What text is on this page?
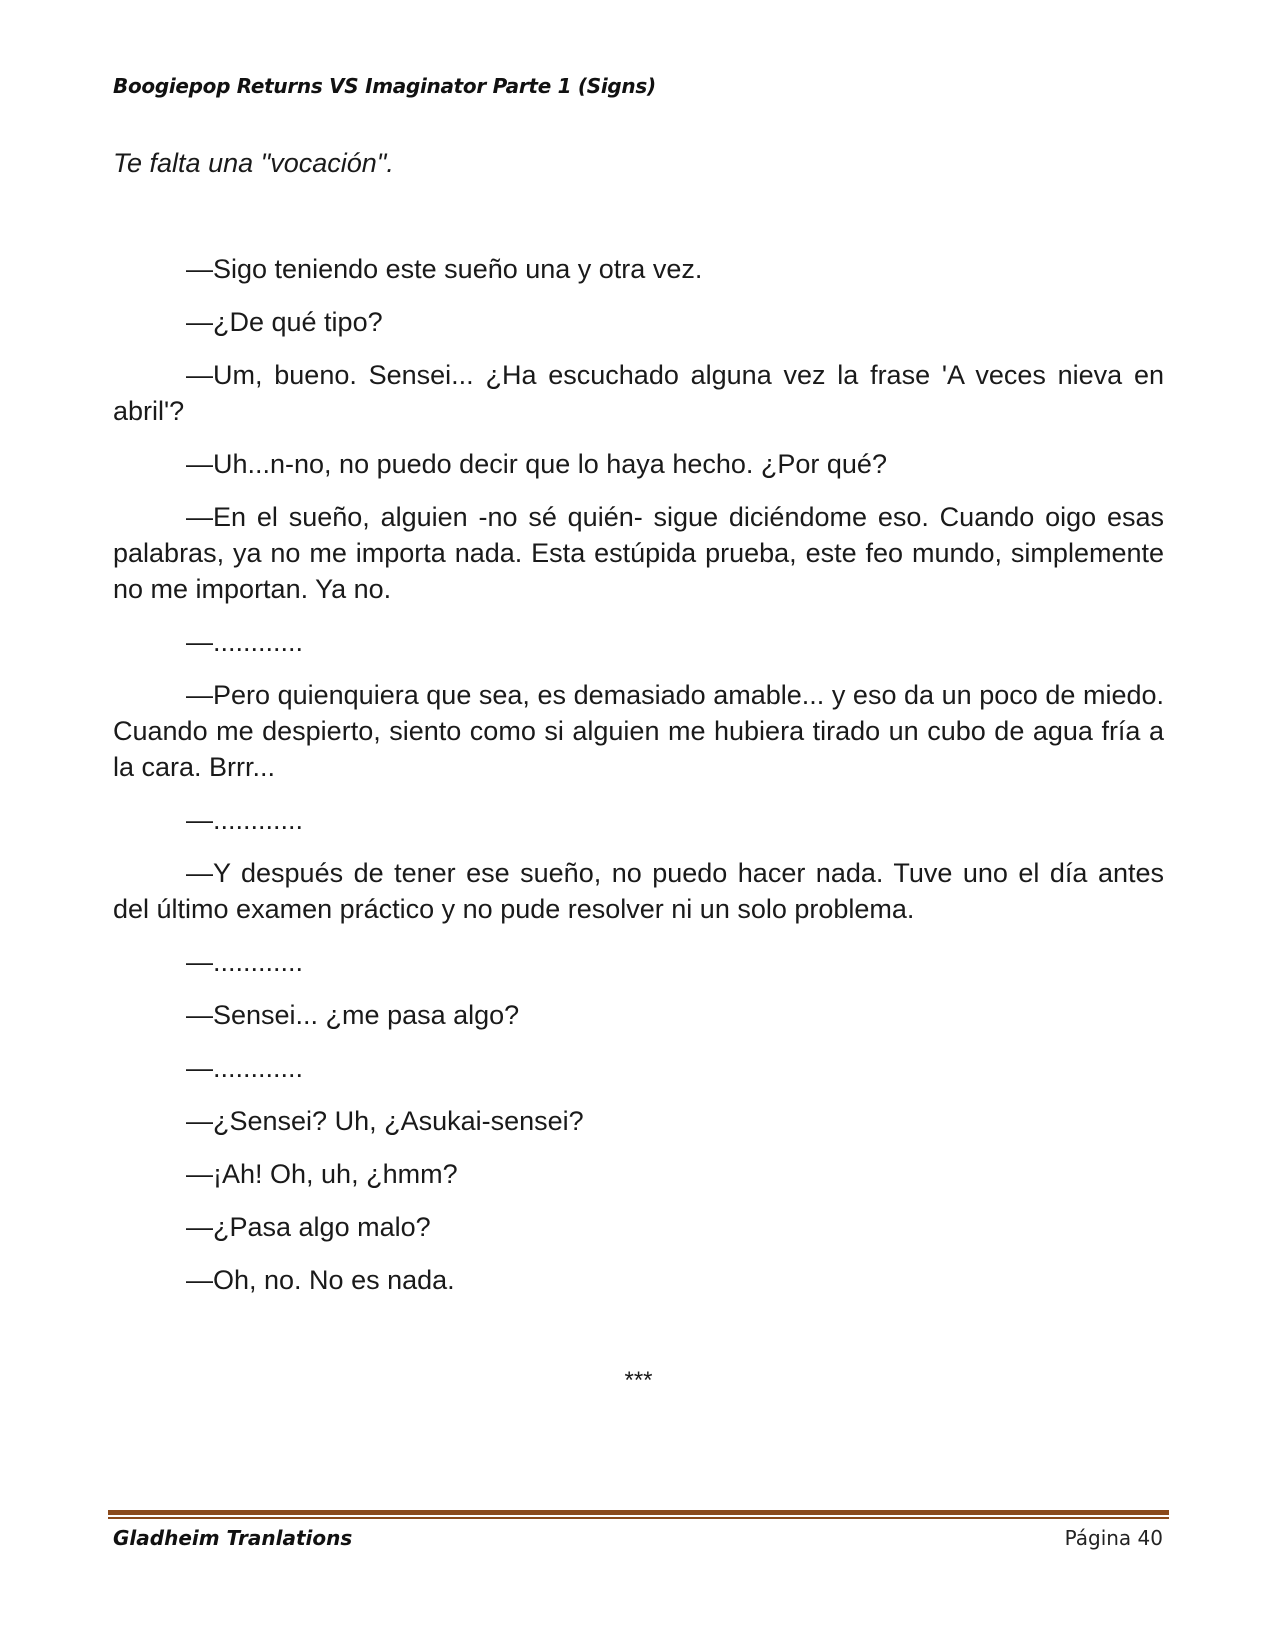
Boogiepop Returns VS Imaginator Parte 1 (Signs)

Te falta una "vocación".

—Sigo teniendo este sueño una y otra vez.

—¿De qué tipo?

—Um, bueno. Sensei... ¿Ha escuchado alguna vez la frase 'A veces nieva en abril'?

—Uh...n-no, no puedo decir que lo haya hecho. ¿Por qué?

—En el sueño, alguien -no sé quién- sigue diciéndome eso. Cuando oigo esas palabras, ya no me importa nada. Esta estúpida prueba, este feo mundo, simplemente no me importan. Ya no.

—............

—Pero quienquiera que sea, es demasiado amable... y eso da un poco de miedo. Cuando me despierto, siento como si alguien me hubiera tirado un cubo de agua fría a la cara. Brrr...

—............

—Y después de tener ese sueño, no puedo hacer nada. Tuve uno el día antes del último examen práctico y no pude resolver ni un solo problema.

—............

—Sensei... ¿me pasa algo?

—............

—¿Sensei? Uh, ¿Asukai-sensei?

—¡Ah! Oh, uh, ¿hmm?

—¿Pasa algo malo?

—Oh, no. No es nada.

***
Gladheim Tranlations	Página 40
